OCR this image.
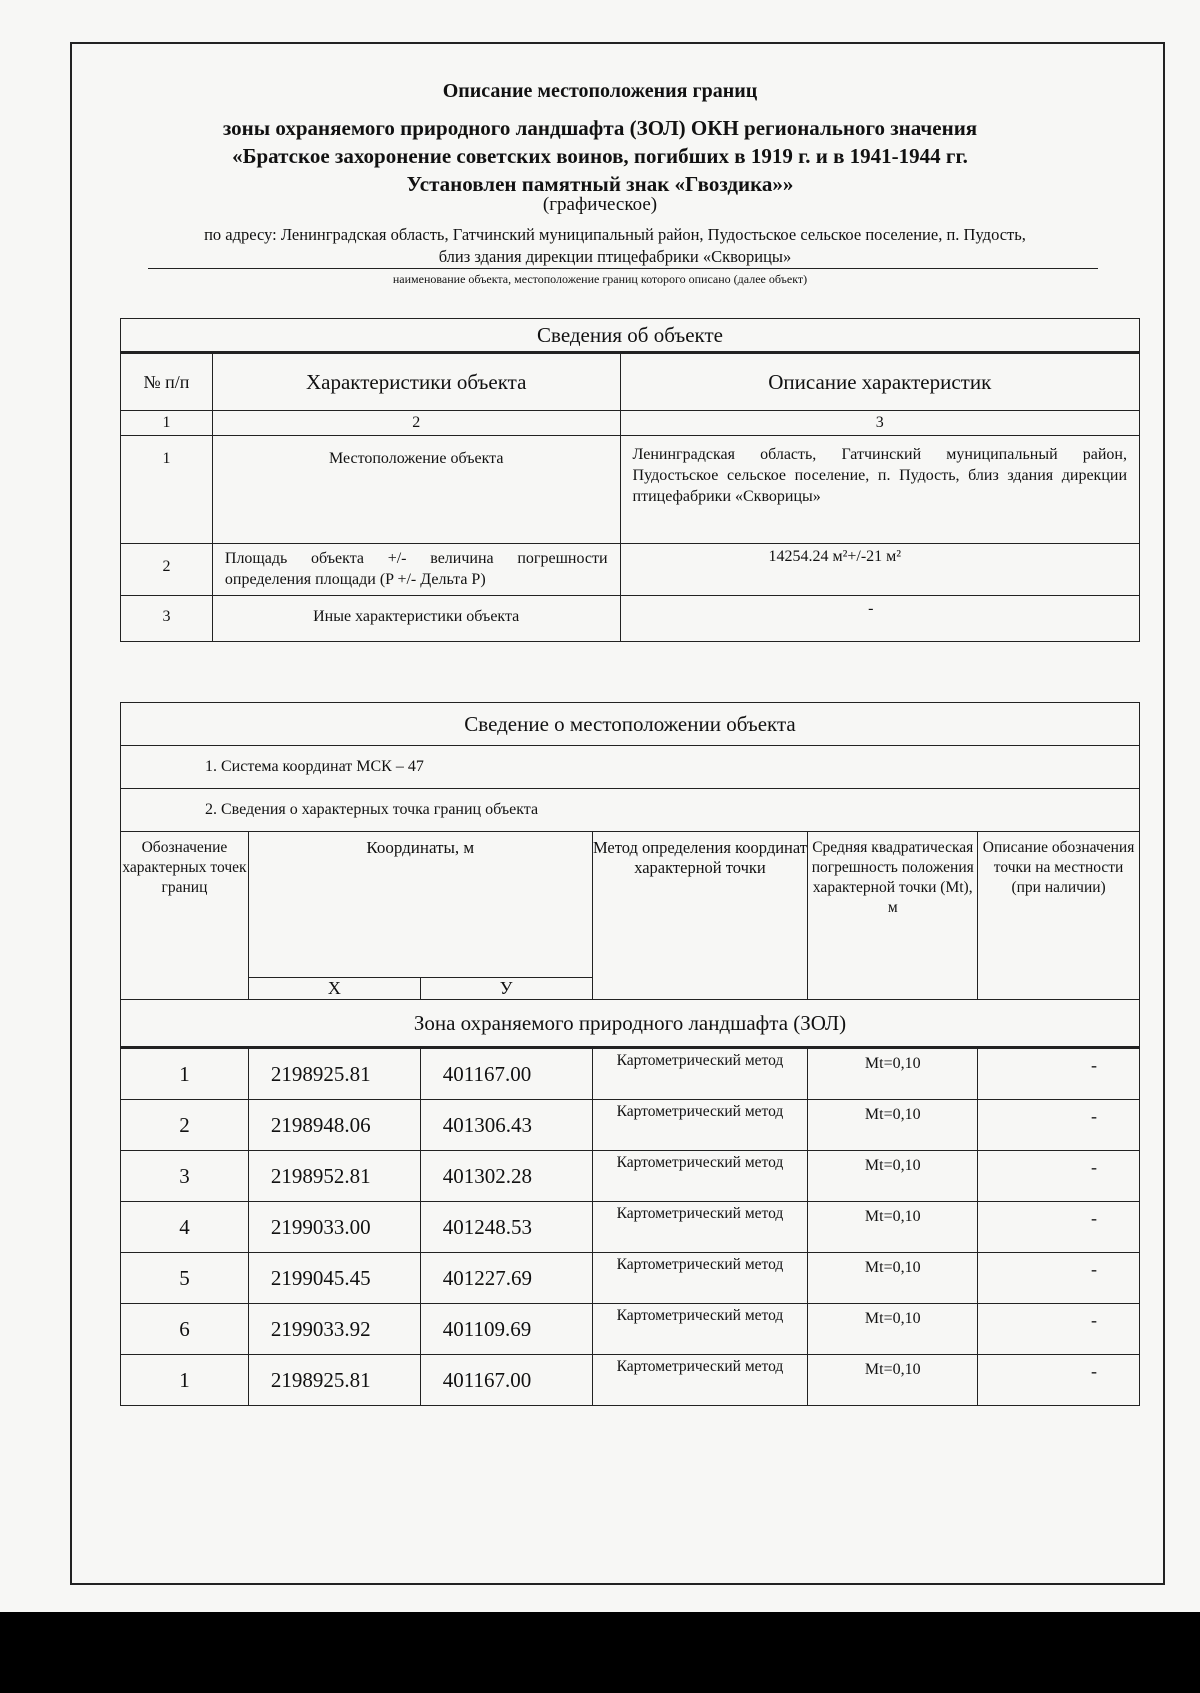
Описание местоположения границ
зоны охраняемого природного ландшафта (ЗОЛ) ОКН регионального значения
«Братское захоронение советских воинов, погибших в 1919 г. и в 1941-1944 гг.
Установлен памятный знак «Гвоздика»»
(графическое)
по адресу: Ленинградская область, Гатчинский муниципальный район, Пудостьское сельское поселение, п. Пудость,
близ здания дирекции птицефабрики «Скворицы»
наименование объекта, местоположение границ которого описано (далее объект)
Сведения об объекте		
№ п/п	Характеристики объекта	Описание характеристик
1	2	3
1	Местоположение объекта	Ленинградская область, Гатчинский муниципальный район, Пудостьское сельское поселение, п. Пудость, близ здания дирекции птицефабрики «Скворицы»
2	Площадь объекта +/- величина погрешности определения площади (P +/- Дельта P)	14254.24 м²+/-21 м²
3	Иные характеристики объекта	-
Сведение о местоположении объекта					
1. Система координат МСК – 47					
2. Сведения о характерных точка границ объекта					
Обозначение характерных точек границ	Координаты, м		Метод определения координат характерной точки	Средняя квадратическая погрешность положения характерной точки (Mt), м	Описание обозначения точки на местности (при наличии)
	Х	У			
Зона охраняемого природного ландшафта (ЗОЛ)					
1	2198925.81	401167.00	Картометрический метод	Mt=0,10	-
2	2198948.06	401306.43	Картометрический метод	Mt=0,10	-
3	2198952.81	401302.28	Картометрический метод	Mt=0,10	-
4	2199033.00	401248.53	Картометрический метод	Mt=0,10	-
5	2199045.45	401227.69	Картометрический метод	Mt=0,10	-
6	2199033.92	401109.69	Картометрический метод	Mt=0,10	-
1	2198925.81	401167.00	Картометрический метод	Mt=0,10	-
